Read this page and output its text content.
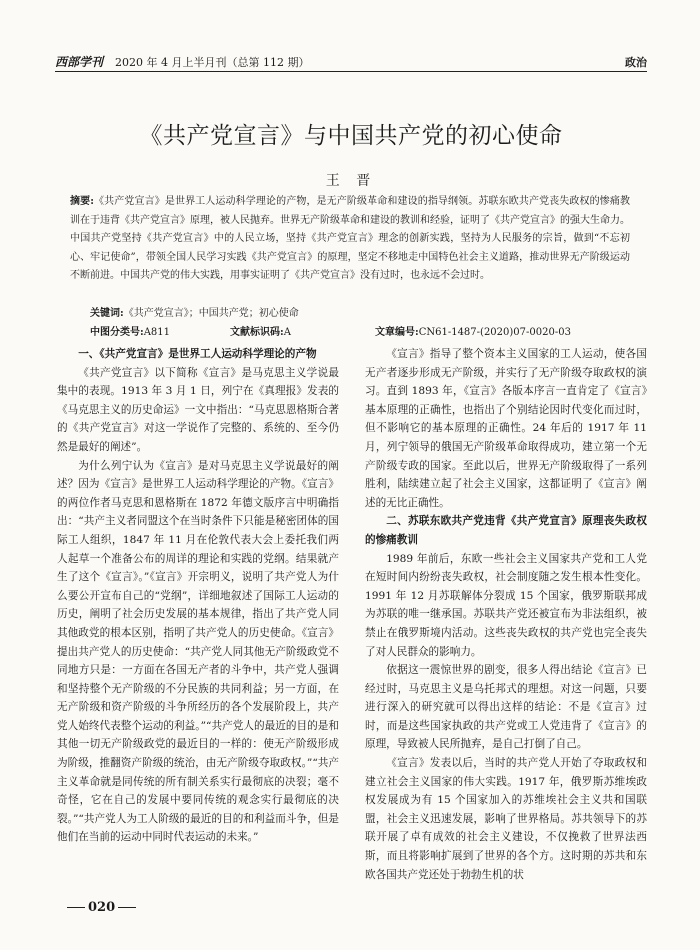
西部学刊 2020 年 4 月上半月刊（总第 112 期）	政治
《共产党宣言》与中国共产党的初心使命
王 晋
摘要:《共产党宣言》是世界工人运动科学理论的产物，是无产阶级革命和建设的指导纲领。苏联东欧共产党丧失政权的惨痛教训在于违背《共产党宣言》原理，被人民抛弃。世界无产阶级革命和建设的教训和经验，证明了《共产党宣言》的强大生命力。中国共产党坚持《共产党宣言》中的人民立场，坚持《共产党宣言》理念的创新实践，坚持为人民服务的宗旨，做到“不忘初心、牢记使命”，带领全国人民学习实践《共产党宣言》的原理，坚定不移地走中国特色社会主义道路，推动世界无产阶级运动不断前进。中国共产党的伟大实践，用事实证明了《共产党宣言》没有过时，也永远不会过时。
关键词:《共产党宣言》；中国共产党；初心使命
中图分类号:A811	文献标识码:A	文章编号:CN61-1487-(2020)07-0020-03
一、《共产党宣言》是世界工人运动科学理论的产物

《共产党宣言》以下简称《宣言》是马克思主义学说最集中的表现。1913 年 3 月 1 日，列宁在《真理报》发表的《马克思主义的历史命运》一文中指出：“马克思恩格斯合著的《共产党宣言》对这一学说作了完整的、系统的、至今仍然是最好的阐述”。

为什么列宁认为《宣言》是对马克思主义学说最好的阐述？因为《宣言》是世界工人运动科学理论的产物。《宣言》的两位作者马克思和恩格斯在 1872 年德文版序言中明确指出：“共产主义者同盟这个在当时条件下只能是秘密团体的国际工人组织，1847 年 11 月在伦敦代表大会上委托我们两人起草一个准备公布的周详的理论和实践的党纲。结果就产生了这个《宣言》。”《宣言》开宗明义，说明了共产党人为什么要公开宣布自己的“党纲”，详细地叙述了国际工人运动的历史，阐明了社会历史发展的基本规律，指出了共产党人同其他政党的根本区别，指明了共产党人的历史使命。《宣言》提出共产党人的历史使命：“共产党人同其他无产阶级政党不同地方只是：一方面在各国无产者的斗争中，共产党人强调和坚持整个无产阶级的不分民族的共同利益；另一方面，在无产阶级和资产阶级的斗争所经历的各个发展阶段上，共产党人始终代表整个运动的利益。”“共产党人的最近的目的是和其他一切无产阶级政党的最近目的一样的：使无产阶级形成为阶级，推翻资产阶级的统治，由无产阶级夺取政权。”“共产主义革命就是同传统的所有制关系实行最彻底的决裂；毫不奇怪，它在自己的发展中要同传统的观念实行最彻底的决裂。”“共产党人为工人阶级的最近的目的和利益而斗争，但是他们在当前的运动中同时代表运动的未来。”

《宣言》指导了整个资本主义国家的工人运动，使各国无产者逐步形成无产阶级，并实行了无产阶级夺取政权的演习。直到 1893 年，《宣言》各版本序言一直肯定了《宣言》基本原理的正确性，也指出了个别结论因时代变化而过时，但不影响它的基本原理的正确性。24 年后的 1917 年 11 月，列宁领导的俄国无产阶级革命取得成功，建立第一个无产阶级专政的国家。至此以后，世界无产阶级取得了一系列胜利，陆续建立起了社会主义国家，这都证明了《宣言》阐述的无比正确性。

二、苏联东欧共产党违背《共产党宣言》原理丧失政权的惨痛教训

1989 年前后，东欧一些社会主义国家共产党和工人党在短时间内纷纷丧失政权，社会制度随之发生根本性变化。1991 年 12 月苏联解体分裂成 15 个国家，俄罗斯联邦成为苏联的唯一继承国。苏联共产党还被宣布为非法组织，被禁止在俄罗斯境内活动。这些丧失政权的共产党也完全丧失了对人民群众的影响力。

依据这一震惊世界的剧变，很多人得出结论《宣言》已经过时，马克思主义是乌托邦式的理想。对这一问题，只要进行深入的研究就可以得出这样的结论：不是《宣言》过时，而是这些国家执政的共产党或工人党违背了《宣言》的原理，导致被人民所抛弃，是自己打倒了自己。

《宣言》发表以后，当时的共产党人开始了夺取政权和建立社会主义国家的伟大实践。1917 年，俄罗斯苏维埃政权发展成为有 15 个国家加入的苏维埃社会主义共和国联盟，社会主义迅速发展，影响了世界格局。苏共领导下的苏联开展了卓有成效的社会主义建设，不仅挽救了世界法西斯，而且将影响扩展到了世界的各个方。这时期的苏共和东欧各国共产党还处于勃勃生机的状

020
